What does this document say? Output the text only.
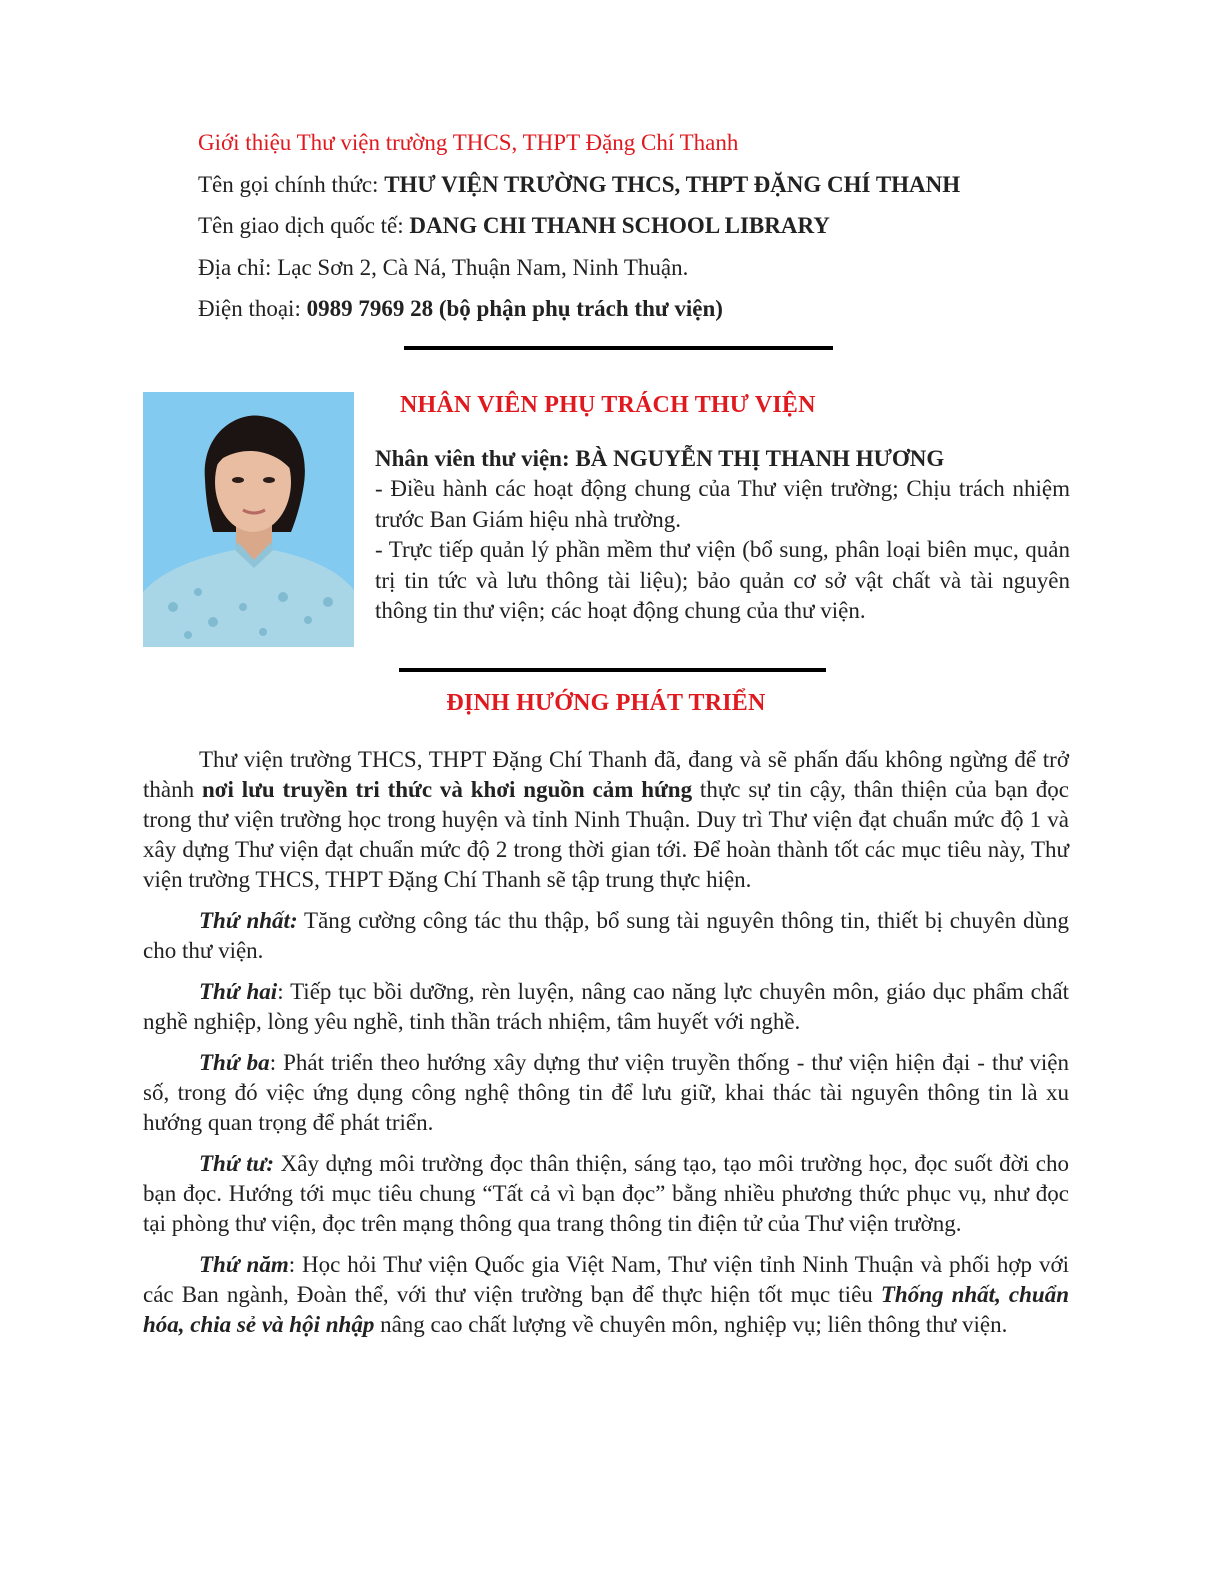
Giới thiệu Thư viện trường THCS, THPT Đặng Chí Thanh
Tên gọi chính thức: THƯ VIỆN TRƯỜNG THCS, THPT ĐẶNG CHÍ THANH
Tên giao dịch quốc tế: DANG CHI THANH SCHOOL LIBRARY
Địa chỉ: Lạc Sơn 2, Cà Ná, Thuận Nam, Ninh Thuận.
Điện thoại: 0989 7969 28 (bộ phận phụ trách thư viện)
NHÂN VIÊN PHỤ TRÁCH THƯ VIỆN
Nhân viên thư viện: BÀ NGUYỄN THỊ THANH HƯƠNG

- Điều hành các hoạt động chung của Thư viện trường; Chịu trách nhiệm trước Ban Giám hiệu nhà trường.

- Trực tiếp quản lý phần mềm thư viện (bổ sung, phân loại biên mục, quản trị tin tức và lưu thông tài liệu); bảo quản cơ sở vật chất và tài nguyên thông tin thư viện; các hoạt động chung của thư viện.

ĐỊNH HƯỚNG PHÁT TRIỂN

Thư viện trường THCS, THPT Đặng Chí Thanh đã, đang và sẽ phấn đấu không ngừng để trở thành nơi lưu truyền tri thức và khơi nguồn cảm hứng thực sự tin cậy, thân thiện của bạn đọc trong thư viện trường học trong huyện và tỉnh Ninh Thuận. Duy trì Thư viện đạt chuẩn mức độ 1 và xây dựng Thư viện đạt chuẩn mức độ 2 trong thời gian tới. Để hoàn thành tốt các mục tiêu này, Thư viện trường THCS, THPT Đặng Chí Thanh sẽ tập trung thực hiện.

Thứ nhất: Tăng cường công tác thu thập, bổ sung tài nguyên thông tin, thiết bị chuyên dùng cho thư viện.

Thứ hai: Tiếp tục bồi dưỡng, rèn luyện, nâng cao năng lực chuyên môn, giáo dục phẩm chất nghề nghiệp, lòng yêu nghề, tinh thần trách nhiệm, tâm huyết với nghề.

Thứ ba: Phát triển theo hướng xây dựng thư viện truyền thống - thư viện hiện đại - thư viện số, trong đó việc ứng dụng công nghệ thông tin để lưu giữ, khai thác tài nguyên thông tin là xu hướng quan trọng để phát triển.

Thứ tư: Xây dựng môi trường đọc thân thiện, sáng tạo, tạo môi trường học, đọc suốt đời cho bạn đọc. Hướng tới mục tiêu chung “Tất cả vì bạn đọc” bằng nhiều phương thức phục vụ, như đọc tại phòng thư viện, đọc trên mạng thông qua trang thông tin điện tử của Thư viện trường.

Thứ năm: Học hỏi Thư viện Quốc gia Việt Nam, Thư viện tỉnh Ninh Thuận và phối hợp với các Ban ngành, Đoàn thể, với thư viện trường bạn để thực hiện tốt mục tiêu Thống nhất, chuẩn hóa, chia sẻ và hội nhập nâng cao chất lượng về chuyên môn, nghiệp vụ; liên thông thư viện.
